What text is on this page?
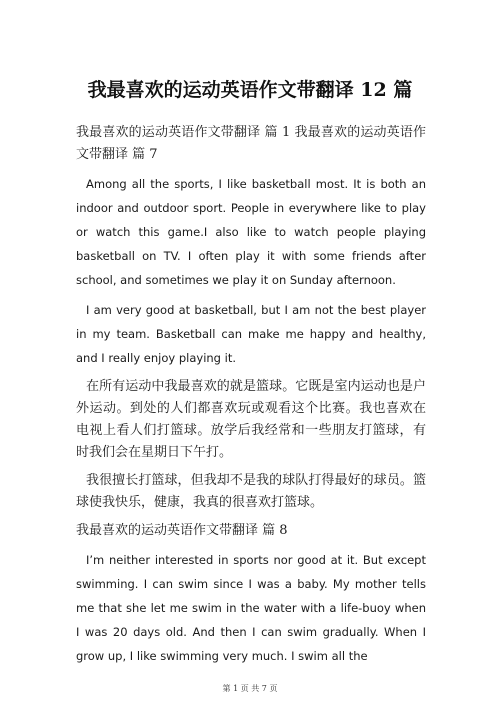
我最喜欢的运动英语作文带翻译 12 篇

我最喜欢的运动英语作文带翻译 篇 1 我最喜欢的运动英语作文带翻译 篇 7

Among all the sports, I like basketball most. It is both an indoor and outdoor sport. People in everywhere like to play or watch this game.I also like to watch people playing basketball on TV. I often play it with some friends after school, and sometimes we play it on Sunday afternoon.

I am very good at basketball, but I am not the best player in my team. Basketball can make me happy and healthy, and I really enjoy playing it.

在所有运动中我最喜欢的就是篮球。它既是室内运动也是户外运动。到处的人们都喜欢玩或观看这个比赛。我也喜欢在电视上看人们打篮球。放学后我经常和一些朋友打篮球，有时我们会在星期日下午打。

我很擅长打篮球，但我却不是我的球队打得最好的球员。篮球使我快乐，健康，我真的很喜欢打篮球。

我最喜欢的运动英语作文带翻译 篇 8

I’m neither interested in sports nor good at it. But except swimming. I can swim since I was a baby. My mother tells me that she let me swim in the water with a life-buoy when I was 20 days old. And then I can swim gradually. When I grow up, I like swimming very much. I swim all the

第 1 页 共 7 页
